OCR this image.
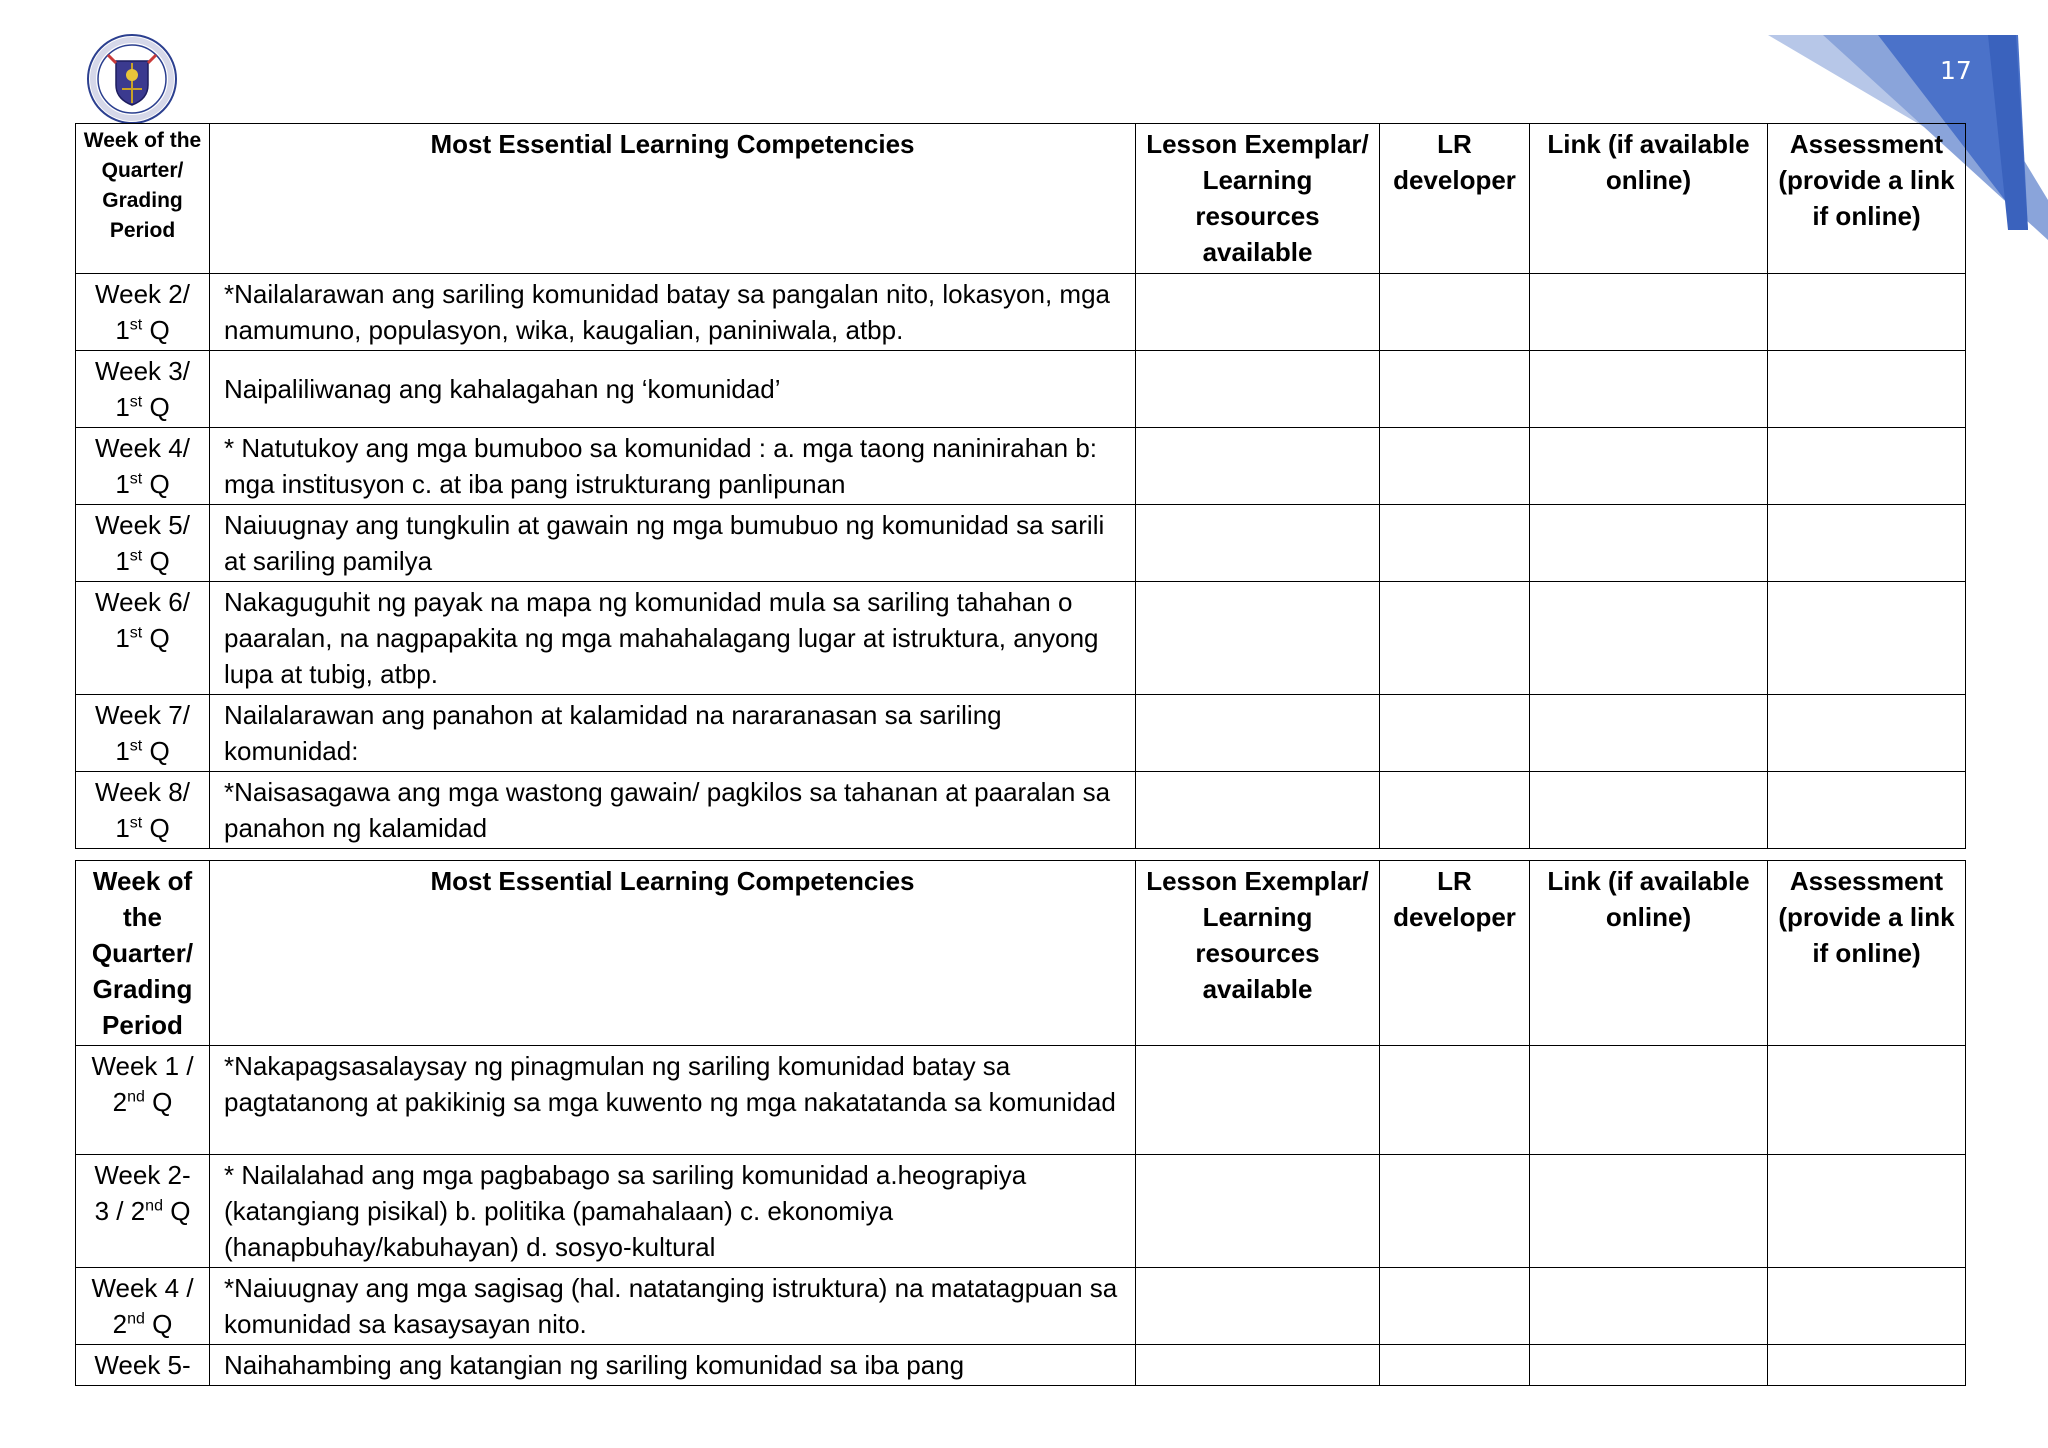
17
Week of the Quarter/ Grading Period	Most Essential Learning Competencies	Lesson Exemplar/ Learning resources available	LR developer	Link (if available online)	Assessment (provide a link if online)
Week 2/
1st Q	*Nailalarawan ang sariling komunidad batay sa pangalan nito, lokasyon, mga namumuno, populasyon, wika, kaugalian, paniniwala, atbp.				
Week 3/
1st Q	Naipaliliwanag ang kahalagahan ng ‘komunidad’				
Week 4/
1st Q	* Natutukoy ang mga bumuboo sa komunidad : a. mga taong naninirahan b: mga institusyon c. at iba pang istrukturang panlipunan				
Week 5/
1st Q	Naiuugnay ang tungkulin at gawain ng mga bumubuo ng komunidad sa sarili at sariling pamilya				
Week 6/
1st Q	Nakaguguhit ng payak na mapa ng komunidad mula sa sariling tahahan o paaralan, na nagpapakita ng mga mahahalagang lugar at istruktura, anyong lupa at tubig, atbp.				
Week 7/
1st Q	Nailalarawan ang panahon at kalamidad na nararanasan sa sariling komunidad:				
Week 8/
1st Q	*Naisasagawa ang mga wastong gawain/ pagkilos sa tahanan at paaralan sa panahon ng kalamidad				
Week of the Quarter/ Grading Period	Most Essential Learning Competencies	Lesson Exemplar/ Learning resources available	LR developer	Link (if available online)	Assessment (provide a link if online)
Week 1 /
2nd Q	*Nakapagsasalaysay ng pinagmulan ng sariling komunidad batay sa pagtatanong at pakikinig sa mga kuwento ng mga nakatatanda sa komunidad				
Week 2-
3 / 2nd Q	* Nailalahad ang mga pagbabago sa sariling komunidad a.heograpiya (katangiang pisikal) b. politika (pamahalaan) c. ekonomiya (hanapbuhay/kabuhayan) d. sosyo-kultural				
Week 4 /
2nd Q	*Naiuugnay ang mga sagisag (hal. natatanging istruktura) na matatagpuan sa komunidad sa kasaysayan nito.				
Week 5-	Naihahambing ang katangian ng sariling komunidad sa iba pang				
